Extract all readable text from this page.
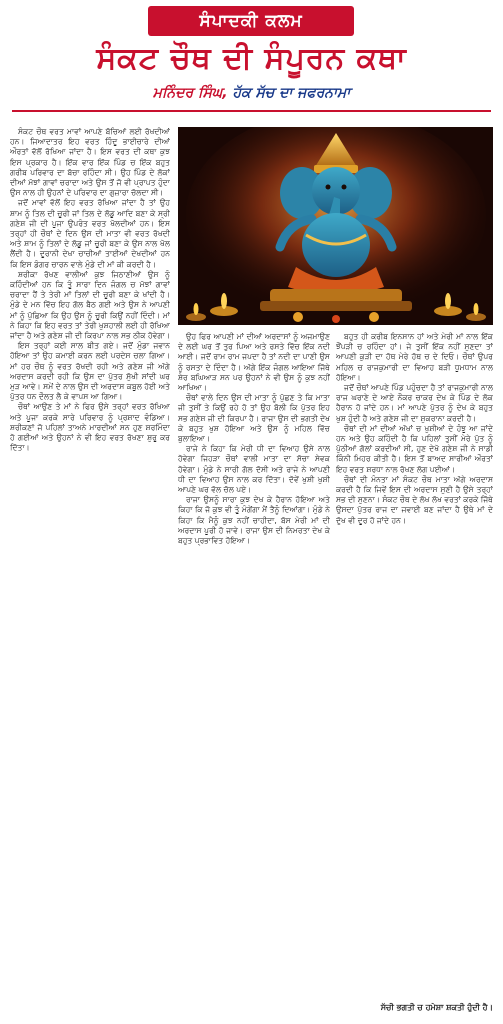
ਸੰਪਾਦਕੀ ਕਲਮ
ਸੰਕਟ ਚੌਥ ਦੀ ਸੰਪੂਰਨ ਕਥਾ
ਮਨਿੰਦਰ ਸਿੰਘ, ਹੱਕ ਸੱਚ ਦਾ ਜਫਰਨਾਮਾ

ਸੰਕਟ ਚੌਥ ਵਰਤ ਮਾਵਾਂ ਆਪਣੇ ਬੱਚਿਆਂ ਲਈ ਰੱਖਦੀਆਂ ਹਨ। ਜਿਆਦਾਤਰ ਇਹ ਵਰਤ ਹਿੰਦੂ ਭਾਈਚਾਰੇ ਦੀਆਂ ਔਰਤਾਂ ਵੱਲੋਂ ਰੱਖਿਆ ਜਾਂਦਾ ਹੈ। ਇਸ ਵਰਤ ਦੀ ਕਥਾ ਕੁਝ ਇਸ ਪ੍ਰਕਾਰ ਹੈ। ਇੱਕ ਵਾਰ ਇੱਕ ਪਿੰਡ ਚ ਇੱਕ ਬਹੁਤ ਗਰੀਬ ਪਰਿਵਾਰ ਦਾ ਬੱਚਾ ਰਹਿੰਦਾ ਸੀ। ਉਹ ਪਿੰਡ ਦੇ ਲੋਕਾਂ ਦੀਆਂ ਮੱਝਾਂ ਗਾਵਾਂ ਚਰਾਦਾ ਅਤੇ ਉਸ ਤੋਂ ਜੋ ਵੀ ਪ੍ਰਾਪਤ ਹੁੰਦਾ ਉਸ ਨਾਲ ਹੀ ਉਹਨਾਂ ਦੇ ਪਰਿਵਾਰ ਦਾ ਗੁਜ਼ਾਰਾ ਚੱਲਦਾ ਸੀ।

ਜਦੋਂ ਮਾਵਾਂ ਵੱਲੋਂ ਇਹ ਵਰਤ ਰੱਖਿਆ ਜਾਂਦਾ ਹੈ ਤਾਂ ਉਹ ਸ਼ਾਮ ਨੂੰ ਤਿਲ ਦੀ ਚੂਰੀ ਜਾਂ ਤਿਲ ਦੇ ਲੱਡੂ ਆਦਿ ਬਣਾ ਕੇ ਸ੍ਰੀ ਗਣੇਸ਼ ਜੀ ਦੀ ਪੂਜਾ ਉਪਰੰਤ ਵਰਤ ਖੋਲਦੀਆਂ ਹਨ। ਇਸ ਤਰ੍ਹਾਂ ਹੀ ਚੌਥਾਂ ਦੇ ਦਿਨ ਉਸ ਦੀ ਮਾਤਾ ਵੀ ਵਰਤ ਰੱਖਦੀ ਅਤੇ ਸ਼ਾਮ ਨੂੰ ਤਿਲਾਂ ਦੇ ਲੱਡੂ ਜਾਂ ਚੂਰੀ ਬਣਾ ਕੇ ਉਸ ਨਾਲ ਖੋਲ ਲੈਂਦੀ ਹੈ। ਦੂਰਾਨੀ ਦੇਖਾ ਚਾਚੀਆਂ ਤਾਈਆਂ ਦੇਖਦੀਆਂ ਹਨ ਕਿ ਇਸ ਡੰਗਰ ਚਾਰਨ ਵਾਲੇ ਮੁੰਡੇ ਦੀ ਮਾਂ ਕੀ ਕਰਦੀ ਹੈ।

ਸ਼ਰੀਕਾ ਰੱਖਣ ਵਾਲੀਆਂ ਕੁਝ ਜਿਠਾਣੀਆਂ ਉਸ ਨੂੰ ਕਹਿੰਦੀਆਂ ਹਨ ਕਿ ਤੂੰ ਸਾਰਾ ਦਿਨ ਜੰਗਲ ਚ ਮੱਝਾਂ ਗਾਵਾਂ ਚਰਾਦਾ ਹੈਂ ਤੇ ਤੇਰੀ ਮਾਂ ਤਿਲਾਂ ਦੀ ਚੂਰੀ ਬਣਾ ਕੇ ਖਾਂਦੀ ਹੈ। ਮੁੰਡੇ ਦੇ ਮਨ ਵਿੱਚ ਇਹ ਗੱਲ ਬੈਠ ਗਈ ਅਤੇ ਉਸ ਨੇ ਆਪਣੀ ਮਾਂ ਨੂੰ ਪੁੱਛਿਆ ਕਿ ਉਹ ਉਸ ਨੂੰ ਚੂਰੀ ਕਿਉਂ ਨਹੀਂ ਦਿੰਦੀ। ਮਾਂ ਨੇ ਕਿਹਾ ਕਿ ਇਹ ਵਰਤ ਤਾਂ ਤੇਰੀ ਖੁਸ਼ਹਾਲੀ ਲਈ ਹੀ ਰੱਖਿਆ ਜਾਂਦਾ ਹੈ ਅਤੇ ਗਣੇਸ਼ ਜੀ ਦੀ ਕਿਰਪਾ ਨਾਲ ਸਭ ਠੀਕ ਹੋਵੇਗਾ।

ਇਸ ਤਰ੍ਹਾਂ ਕਈ ਸਾਲ ਬੀਤ ਗਏ। ਜਦੋਂ ਮੁੰਡਾ ਜਵਾਨ ਹੋਇਆ ਤਾਂ ਉਹ ਕਮਾਈ ਕਰਨ ਲਈ ਪਰਦੇਸ ਚਲਾ ਗਿਆ। ਮਾਂ ਹਰ ਚੌਥ ਨੂੰ ਵਰਤ ਰੱਖਦੀ ਰਹੀ ਅਤੇ ਗਣੇਸ਼ ਜੀ ਅੱਗੇ ਅਰਦਾਸ ਕਰਦੀ ਰਹੀ ਕਿ ਉਸ ਦਾ ਪੁੱਤਰ ਸੁੱਖੀ ਸਾਂਦੀ ਘਰ ਮੁੜ ਆਵੇ। ਸਮੇਂ ਦੇ ਨਾਲ ਉਸ ਦੀ ਅਰਦਾਸ ਕਬੂਲ ਹੋਈ ਅਤੇ ਪੁੱਤਰ ਧਨ ਦੌਲਤ ਲੈ ਕੇ ਵਾਪਸ ਆ ਗਿਆ।

ਚੌਥਾਂ ਆਉਣ ਤੇ ਮਾਂ ਨੇ ਫਿਰ ਉਸੇ ਤਰ੍ਹਾਂ ਵਰਤ ਰੱਖਿਆ ਅਤੇ ਪੂਜਾ ਕਰਕੇ ਸਾਰੇ ਪਰਿਵਾਰ ਨੂੰ ਪ੍ਰਸ਼ਾਦ ਵੰਡਿਆ। ਸ਼ਰੀਕਣਾਂ ਜੋ ਪਹਿਲਾਂ ਤਾਅਨੇ ਮਾਰਦੀਆਂ ਸਨ ਹੁਣ ਸ਼ਰਮਿੰਦਾ ਹੋ ਗਈਆਂ ਅਤੇ ਉਹਨਾਂ ਨੇ ਵੀ ਇਹ ਵਰਤ ਰੱਖਣਾ ਸ਼ੁਰੂ ਕਰ ਦਿੱਤਾ।

ਉਹ ਫਿਰ ਆਪਣੀ ਮਾਂ ਦੀਆਂ ਅਰਦਾਸਾਂ ਨੂੰ ਅਜਮਾਉਣ ਦੇ ਲਈ ਘਰ ਤੋਂ ਤੁਰ ਪਿਆ ਅਤੇ ਰਸਤੇ ਵਿੱਚ ਇੱਕ ਨਦੀ ਆਈ। ਜਦੋਂ ਰਾਮ ਰਾਮ ਜਪਦਾ ਹੈ ਤਾਂ ਨਦੀ ਦਾ ਪਾਣੀ ਉਸ ਨੂੰ ਰਸਤਾ ਦੇ ਦਿੰਦਾ ਹੈ। ਅੱਗੇ ਇੱਕ ਜੰਗਲ ਆਇਆ ਜਿੱਥੇ ਸ਼ੇਰ ਬਘਿਆੜ ਸਨ ਪਰ ਉਹਨਾਂ ਨੇ ਵੀ ਉਸ ਨੂੰ ਕੁਝ ਨਹੀਂ ਆਖਿਆ।

ਚੌਥਾਂ ਵਾਲੇ ਦਿਨ ਉਸ ਦੀ ਮਾਤਾ ਨੂੰ ਪੁੱਛਣ ਤੇ ਕਿ ਮਾਤਾ ਜੀ ਤੁਸੀਂ ਤੇ ਕਿਉਂ ਰਹੇ ਹੋ ਤਾਂ ਉਹ ਬੋਲੀ ਕਿ ਪੁੱਤਰ ਇਹ ਸਭ ਗਣੇਸ਼ ਜੀ ਦੀ ਕਿਰਪਾ ਹੈ। ਰਾਜਾ ਉਸ ਦੀ ਭਗਤੀ ਦੇਖ ਕੇ ਬਹੁਤ ਖੁਸ਼ ਹੋਇਆ ਅਤੇ ਉਸ ਨੂੰ ਮਹਿਲ ਵਿੱਚ ਬੁਲਾਇਆ।

ਰਾਜੇ ਨੇ ਕਿਹਾ ਕਿ ਮੇਰੀ ਧੀ ਦਾ ਵਿਆਹ ਉਸੇ ਨਾਲ ਹੋਵੇਗਾ ਜਿਹੜਾ ਚੌਥਾਂ ਵਾਲੀ ਮਾਤਾ ਦਾ ਸੱਚਾ ਸੇਵਕ ਹੋਵੇਗਾ। ਮੁੰਡੇ ਨੇ ਸਾਰੀ ਗੱਲ ਦੱਸੀ ਅਤੇ ਰਾਜੇ ਨੇ ਆਪਣੀ ਧੀ ਦਾ ਵਿਆਹ ਉਸ ਨਾਲ ਕਰ ਦਿੱਤਾ। ਦੋਵੇਂ ਖੁਸ਼ੀ ਖੁਸ਼ੀ ਆਪਣੇ ਘਰ ਵੱਲ ਚੱਲ ਪਏ।

ਰਾਜਾ ਉਸਨੂੰ ਸਾਰਾ ਕੁਝ ਦੇਖ ਕੇ ਹੈਰਾਨ ਹੋਇਆ ਅਤੇ ਕਿਹਾ ਕਿ ਜੋ ਕੁਝ ਵੀ ਤੂੰ ਮੰਗੇਂਗਾ ਮੈਂ ਤੈਨੂੰ ਦਿਆਂਗਾ। ਮੁੰਡੇ ਨੇ ਕਿਹਾ ਕਿ ਮੈਨੂੰ ਕੁਝ ਨਹੀਂ ਚਾਹੀਦਾ, ਬੱਸ ਮੇਰੀ ਮਾਂ ਦੀ ਅਰਦਾਸ ਪੂਰੀ ਹੋ ਜਾਵੇ। ਰਾਜਾ ਉਸ ਦੀ ਨਿਮਰਤਾ ਦੇਖ ਕੇ ਬਹੁਤ ਪ੍ਰਭਾਵਿਤ ਹੋਇਆ।

ਬਹੁਤ ਹੀ ਕਰੀਬ ਇਨਸਾਨ ਹਾਂ ਅਤੇ ਮੇਰੀ ਮਾਂ ਨਾਲ ਇੱਕ ਝੌਂਪੜੀ ਚ ਰਹਿੰਦਾ ਹਾਂ। ਜੇ ਤੁਸੀਂ ਇੱਕ ਨਹੀਂ ਸੁਣਦਾ ਤਾਂ ਆਪਣੀ ਕੁੜੀ ਦਾ ਹੱਥ ਮੇਰੇ ਹੱਥ ਚ ਦੇ ਦਿਓ। ਚੌਥਾਂ ਉਪਰ ਮਹਿਲ ਚ ਰਾਜਕੁਮਾਰੀ ਦਾ ਵਿਆਹ ਬੜੀ ਧੂਮਧਾਮ ਨਾਲ ਹੋਇਆ।

ਜਦੋਂ ਚੌਥਾਂ ਆਪਣੇ ਪਿੰਡ ਪਹੁੰਚਦਾ ਹੈ ਤਾਂ ਰਾਜਕੁਮਾਰੀ ਨਾਲ ਰਾਜ ਘਰਾਣੇ ਦੇ ਆਏ ਨੌਕਰ ਚਾਕਰ ਦੇਖ ਕੇ ਪਿੰਡ ਦੇ ਲੋਕ ਹੈਰਾਨ ਹੋ ਜਾਂਦੇ ਹਨ। ਮਾਂ ਆਪਣੇ ਪੁੱਤਰ ਨੂੰ ਦੇਖ ਕੇ ਬਹੁਤ ਖੁਸ਼ ਹੁੰਦੀ ਹੈ ਅਤੇ ਗਣੇਸ਼ ਜੀ ਦਾ ਸ਼ੁਕਰਾਨਾ ਕਰਦੀ ਹੈ।

ਚੌਥਾਂ ਦੀ ਮਾਂ ਦੀਆਂ ਅੱਖਾਂ ਚ ਖੁਸ਼ੀਆਂ ਦੇ ਹੰਝੂ ਆ ਜਾਂਦੇ ਹਨ ਅਤੇ ਉਹ ਕਹਿੰਦੀ ਹੈ ਕਿ ਪਹਿਲਾਂ ਤੁਸੀਂ ਮੇਰੇ ਪੁੱਤ ਨੂੰ ਪੁੱਠੀਆਂ ਗੱਲਾਂ ਕਰਦੀਆਂ ਸੀ, ਹੁਣ ਦੇਖੋ ਗਣੇਸ਼ ਜੀ ਨੇ ਸਾਡੀ ਕਿੰਨੀ ਮਿਹਰ ਕੀਤੀ ਹੈ। ਇਸ ਤੋਂ ਬਾਅਦ ਸਾਰੀਆਂ ਔਰਤਾਂ ਇਹ ਵਰਤ ਸ਼ਰਧਾ ਨਾਲ ਰੱਖਣ ਲੱਗ ਪਈਆਂ।

ਚੌਥਾਂ ਦੀ ਮੰਨਤਾ ਮਾਂ ਸੰਕਟ ਚੌਥ ਮਾਤਾ ਅੱਗੇ ਅਰਦਾਸ ਕਰਦੀ ਹੈ ਕਿ ਜਿਵੇਂ ਇਸ ਦੀ ਅਰਦਾਸ ਸੁਣੀ ਹੈ ਉਸੇ ਤਰ੍ਹਾਂ ਸਭ ਦੀ ਸੁਣਨਾ। ਸੰਕਟ ਚੌਥ ਦੇ ਲੱਖ ਲੱਖ ਵਰਤਾਂ ਕਰਕੇ ਜਿੱਥੇ ਉਸਦਾ ਪੁੱਤਰ ਰਾਜ ਦਾ ਜਵਾਈ ਬਣ ਜਾਂਦਾ ਹੈ ਉਥੇ ਮਾਂ ਦੇ ਦੁੱਖ ਵੀ ਦੂਰ ਹੋ ਜਾਂਦੇ ਹਨ।

ਸੱਚੀ ਭਗਤੀ ਚ ਹਮੇਸ਼ਾ ਸ਼ਕਤੀ ਹੁੰਦੀ ਹੈ।
